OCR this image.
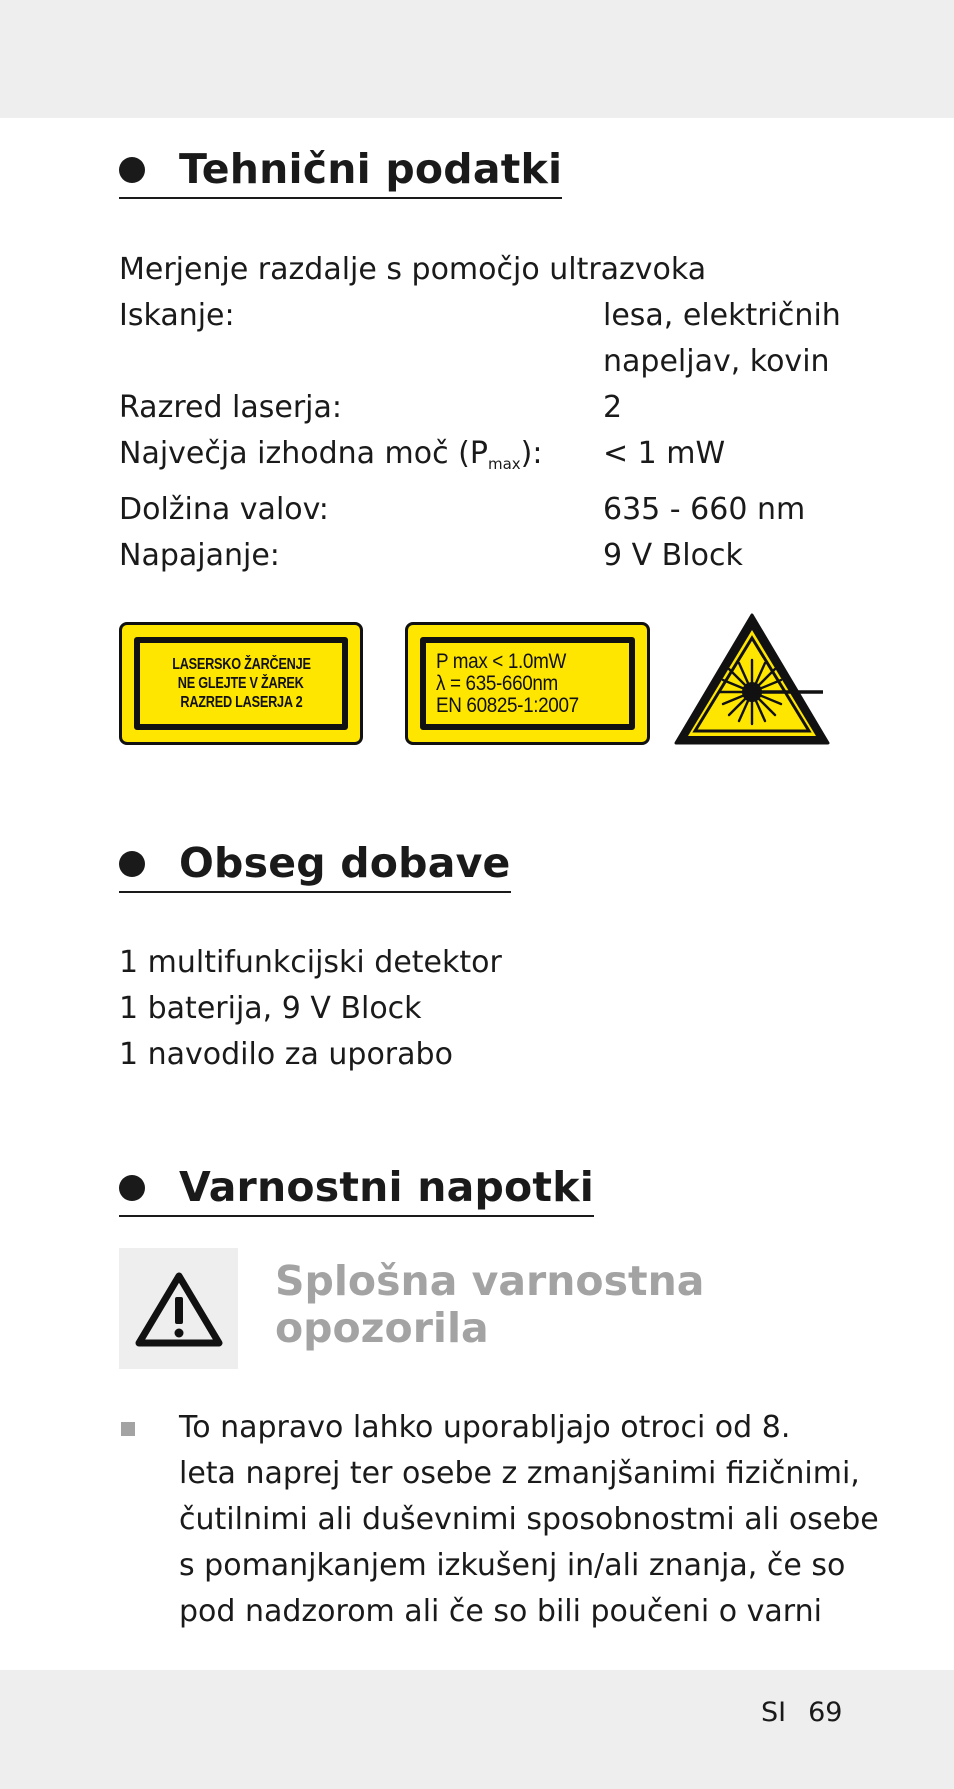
Tehnični podatki
Merjenje razdalje s pomočjo ultrazvoka
Iskanje:	lesa, električnih
napeljav, kovin
Razred laserja:	2
Največja izhodna moč $(P_{max})$:	< 1 mW
Dolžina valov:	635 - 660 nm
Napajanje:	9 V Block
LASERSKO ŽARČENJE
NE GLEJTE V ŽAREK
RAZRED LASERJA 2
P max < 1.0mW
λ = 635-660nm
EN 60825-1:2007
Obseg dobave
1 multifunkcijski detektor
1 baterija, 9 V Block
1 navodilo za uporabo
Varnostni napotki
Splošna varnostna
opozorila
To napravo lahko uporabljajo otroci od 8.
leta naprej ter osebe z zmanjšanimi fizičnimi,
čutilnimi ali duševnimi sposobnostmi ali osebe
s pomanjkanjem izkušenj in/ali znanja, če so
pod nadzorom ali če so bili poučeni o varni
SI 69
